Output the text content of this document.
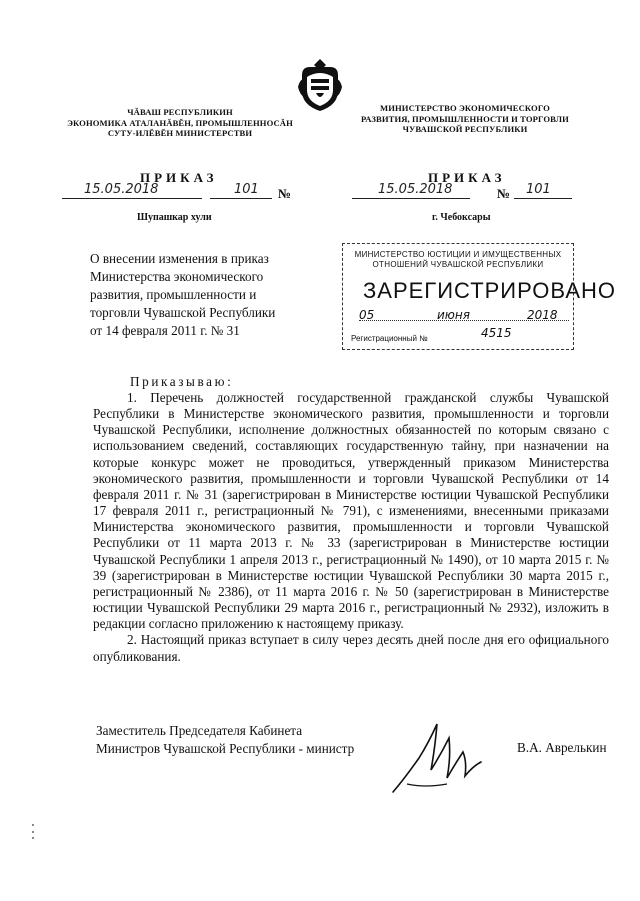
ЧĂВАШ РЕСПУБЛИКИН
ЭКОНОМИКА АТАЛАНĂВĔН, ПРОМЫШЛЕННОСĂН
СУТУ-ИЛĔВĔН МИНИСТЕРСТВИ
МИНИСТЕРСТВО ЭКОНОМИЧЕСКОГО
РАЗВИТИЯ, ПРОМЫШЛЕННОСТИ И ТОРГОВЛИ
ЧУВАШСКОЙ РЕСПУБЛИКИ
ПРИКАЗ	ПРИКАЗ
15.05.2018	101 №	15.05.2018	№ 101
Шупашкар хули	г. Чебоксары
О внесении изменения в приказ
Министерства экономического
развития, промышленности и
торговли Чувашской Республики
от 14 февраля 2011 г. № 31
МИНИСТЕРСТВО ЮСТИЦИИ И ИМУЩЕСТВЕННЫХ
ОТНОШЕНИЙ ЧУВАШСКОЙ РЕСПУБЛИКИ
ЗАРЕГИСТРИРОВАНО
05	июня	2018
4515
Регистрационный №
Приказываю:

1. Перечень должностей государственной гражданской службы Чувашской Республики в Министерстве экономического развития, промышленности и торговли Чувашской Республики, исполнение должностных обязанностей по которым связано с использованием сведений, составляющих государственную тайну, при назначении на которые конкурс может не проводиться, утвержденный приказом Министерства экономического развития, промышленности и торговли Чувашской Республики от 14 февраля 2011 г. № 31 (зарегистрирован в Министерстве юстиции Чувашской Республики 17 февраля 2011 г., регистрационный № 791), с изменениями, внесенными приказами Министерства экономического развития, промышленности и торговли Чувашской Республики от 11 марта 2013 г. № 33 (зарегистрирован в Министерстве юстиции Чувашской Республики 1 апреля 2013 г., регистрационный № 1490), от 10 марта 2015 г. № 39 (зарегистрирован в Министерстве юстиции Чувашской Республики 30 марта 2015 г., регистрационный № 2386), от 11 марта 2016 г. № 50 (зарегистрирован в Министерстве юстиции Чувашской Республики 29 марта 2016 г., регистрационный № 2932), изложить в редакции согласно приложению к настоящему приказу.

2. Настоящий приказ вступает в силу через десять дней после дня его официального опубликования.

Заместитель Председателя Кабинета
Министров Чувашской Республики - министр	В.А. Аврелькин
